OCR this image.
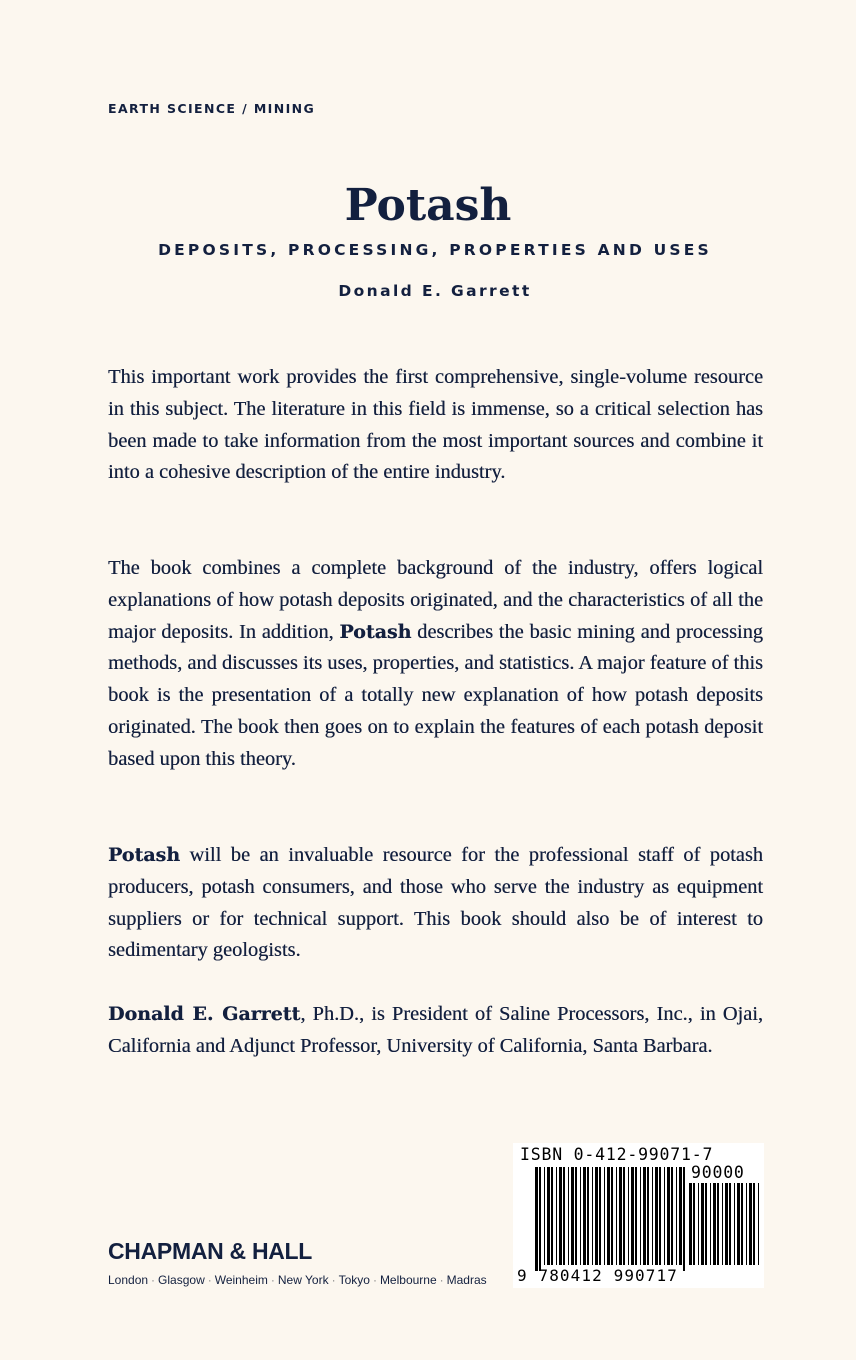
EARTH SCIENCE / MINING
Potash
DEPOSITS, PROCESSING, PROPERTIES AND USES
Donald E. Garrett
This important work provides the first comprehensive, single-volume resource in this subject. The literature in this field is immense, so a critical selection has been made to take information from the most important sources and combine it into a cohesive description of the entire industry.
The book combines a complete background of the industry, offers logical explanations of how potash deposits originated, and the characteristics of all the major deposits. In addition, Potash describes the basic mining and processing methods, and discusses its uses, properties, and statistics. A major feature of this book is the presentation of a totally new explanation of how potash deposits originated. The book then goes on to explain the features of each potash deposit based upon this theory.
Potash will be an invaluable resource for the professional staff of potash producers, potash consumers, and those who serve the industry as equipment suppliers or for technical support. This book should also be of interest to sedimentary geologists.
Donald E. Garrett, Ph.D., is President of Saline Processors, Inc., in Ojai, California and Adjunct Professor, University of California, Santa Barbara.
CHAPMAN & HALL
London · Glasgow · Weinheim · New York · Tokyo · Melbourne · Madras
ISBN 0-412-99071-7
90000
9 780412 990717
